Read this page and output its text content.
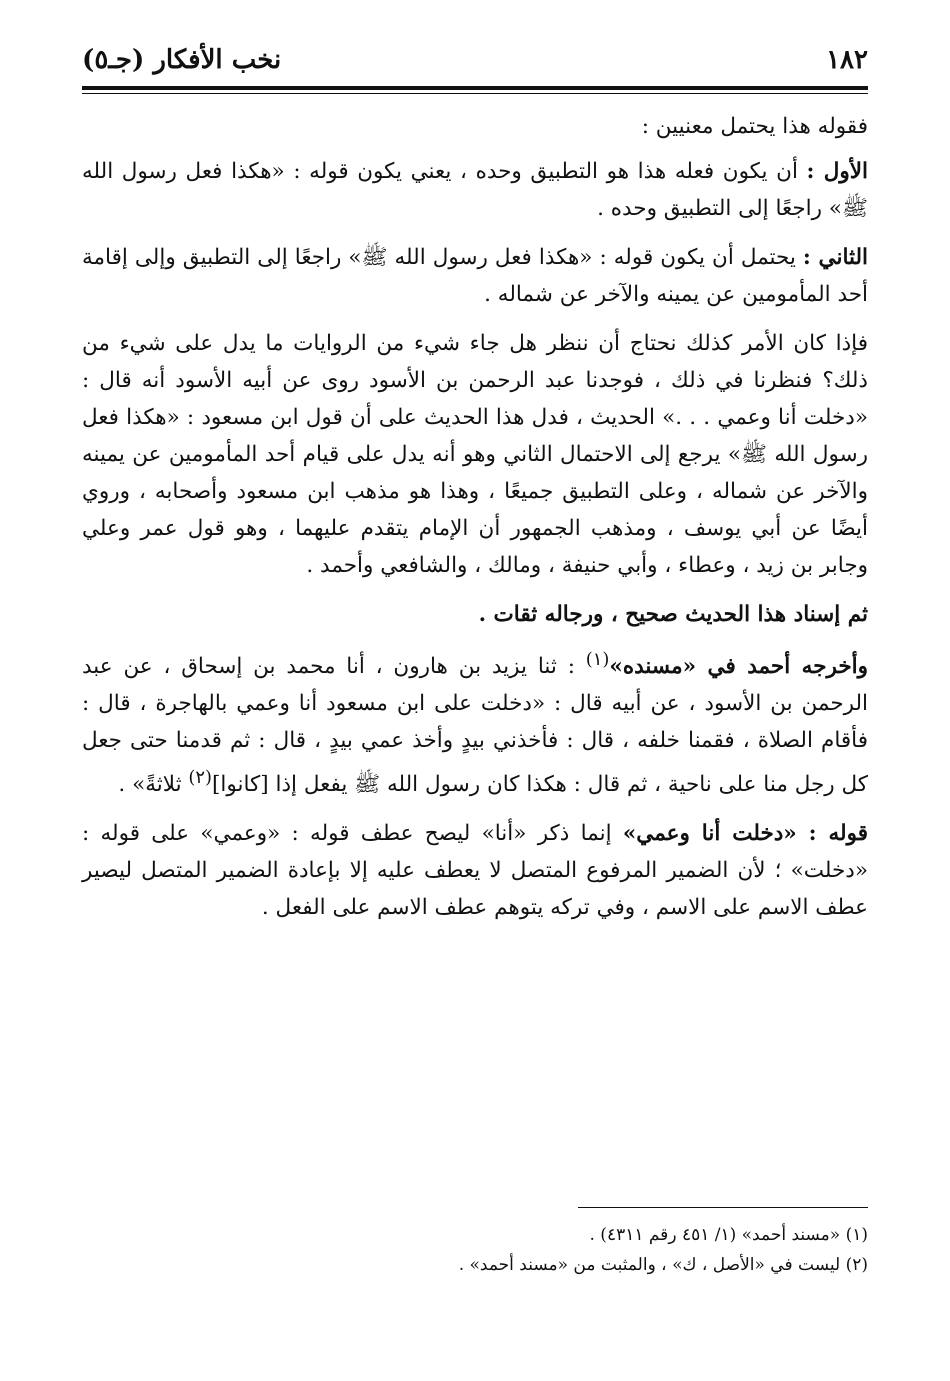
١٨٢
نخب الأفكار (جـ٥)

فقوله هذا يحتمل معنيين :

الأول : أن يكون فعله هذا هو التطبيق وحده ، يعني يكون قوله : «هكذا فعل رسول الله ﷺ» راجعًا إلى التطبيق وحده .

الثاني : يحتمل أن يكون قوله : «هكذا فعل رسول الله ﷺ» راجعًا إلى التطبيق وإلى إقامة أحد المأمومين عن يمينه والآخر عن شماله .

فإذا كان الأمر كذلك نحتاج أن ننظر هل جاء شيء من الروايات ما يدل على شيء من ذلك؟ فنظرنا في ذلك ، فوجدنا عبد الرحمن بن الأسود روى عن أبيه الأسود أنه قال : «دخلت أنا وعمي . . .» الحديث ، فدل هذا الحديث على أن قول ابن مسعود : «هكذا فعل رسول الله ﷺ» يرجع إلى الاحتمال الثاني وهو أنه يدل على قيام أحد المأمومين عن يمينه والآخر عن شماله ، وعلى التطبيق جميعًا ، وهذا هو مذهب ابن مسعود وأصحابه ، وروي أيضًا عن أبي يوسف ، ومذهب الجمهور أن الإمام يتقدم عليهما ، وهو قول عمر وعلي وجابر بن زيد ، وعطاء ، وأبي حنيفة ، ومالك ، والشافعي وأحمد .

ثم إسناد هذا الحديث صحيح ، ورجاله ثقات .

وأخرجه أحمد في «مسنده»$^{(١)}$ : ثنا يزيد بن هارون ، أنا محمد بن إسحاق ، عن عبد الرحمن بن الأسود ، عن أبيه قال : «دخلت على ابن مسعود أنا وعمي بالهاجرة ، قال : فأقام الصلاة ، فقمنا خلفه ، قال : فأخذني بيدٍ وأخذ عمي بيدٍ ، قال : ثم قدمنا حتى جعل كل رجل منا على ناحية ، ثم قال : هكذا كان رسول الله ﷺ يفعل إذا [كانوا]$^{(٢)}$ ثلاثةً» .

قوله : «دخلت أنا وعمي» إنما ذكر «أنا» ليصح عطف قوله : «وعمي» على قوله : «دخلت» ؛ لأن الضمير المرفوع المتصل لا يعطف عليه إلا بإعادة الضمير المتصل ليصير عطف الاسم على الاسم ، وفي تركه يتوهم عطف الاسم على الفعل .

(١) «مسند أحمد» (١/ ٤٥١ رقم ٤٣١١) .
(٢) ليست في «الأصل ، ك» ، والمثبت من «مسند أحمد» .
